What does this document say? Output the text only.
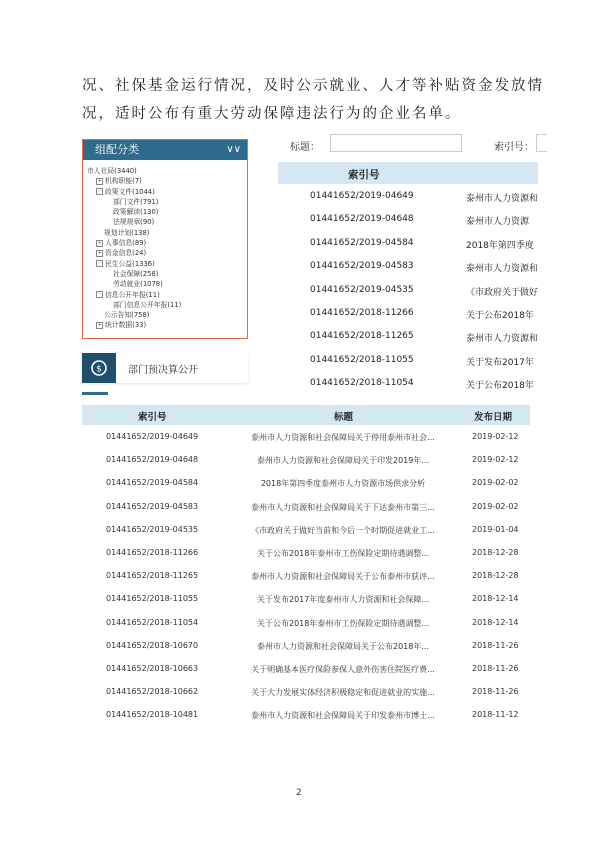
况、社保基金运行情况，及时公示就业、人才等补贴资金发放情
况，适时公布有重大劳动保障违法行为的企业名单。
组配分类	∨∨
市人社局(3440)
+ 机构职能(7)
- 政策文件(1044)
部门文件(791)
政策解读(130)
法规规章(90)
规划计划(138)
+ 人事信息(89)
+ 资金信息(24)
- 民生公益(1336)
社会保障(258)
劳动就业(1078)
- 信息公开年报(11)
部门信息公开年报(11)
公示告知(758)
+ 统计数据(33)
$	部门预决算公开
标题：	索引号：
索引号
01441652/2019-04649	泰州市人力资源和
01441652/2019-04648	泰州市人力资源
01441652/2019-04584	2018年第四季度
01441652/2019-04583	泰州市人力资源和
01441652/2019-04535	《市政府关于做好
01441652/2018-11266	关于公布2018年
01441652/2018-11265	泰州市人力资源和
01441652/2018-11055	关于发布2017年
01441652/2018-11054	关于公布2018年
索引号	标题	发布日期
01441652/2019-04649	泰州市人力资源和社会保障局关于停用泰州市社会...	2019-02-12
01441652/2019-04648	泰州市人力资源和社会保障局关于印发2019年...	2019-02-12
01441652/2019-04584	2018年第四季度泰州市人力资源市场供求分析	2019-02-02
01441652/2019-04583	泰州市人力资源和社会保障局关于下达泰州市第三...	2019-02-02
01441652/2019-04535	《市政府关于做好当前和今后一个时期促进就业工...	2019-01-04
01441652/2018-11266	关于公布2018年泰州市工伤保险定期待遇调整...	2018-12-28
01441652/2018-11265	泰州市人力资源和社会保障局关于公布泰州市获评...	2018-12-28
01441652/2018-11055	关于发布2017年度泰州市人力资源和社会保障...	2018-12-14
01441652/2018-11054	关于公布2018年泰州市工伤保险定期待遇调整...	2018-12-14
01441652/2018-10670	泰州市人力资源和社会保障局关于公布2018年...	2018-11-26
01441652/2018-10663	关于明确基本医疗保险参保人意外伤害住院医疗费...	2018-11-26
01441652/2018-10662	关于大力发展实体经济积极稳定和促进就业的实施...	2018-11-26
01441652/2018-10481	泰州市人力资源和社会保障局关于印发泰州市博士...	2018-11-12
2
